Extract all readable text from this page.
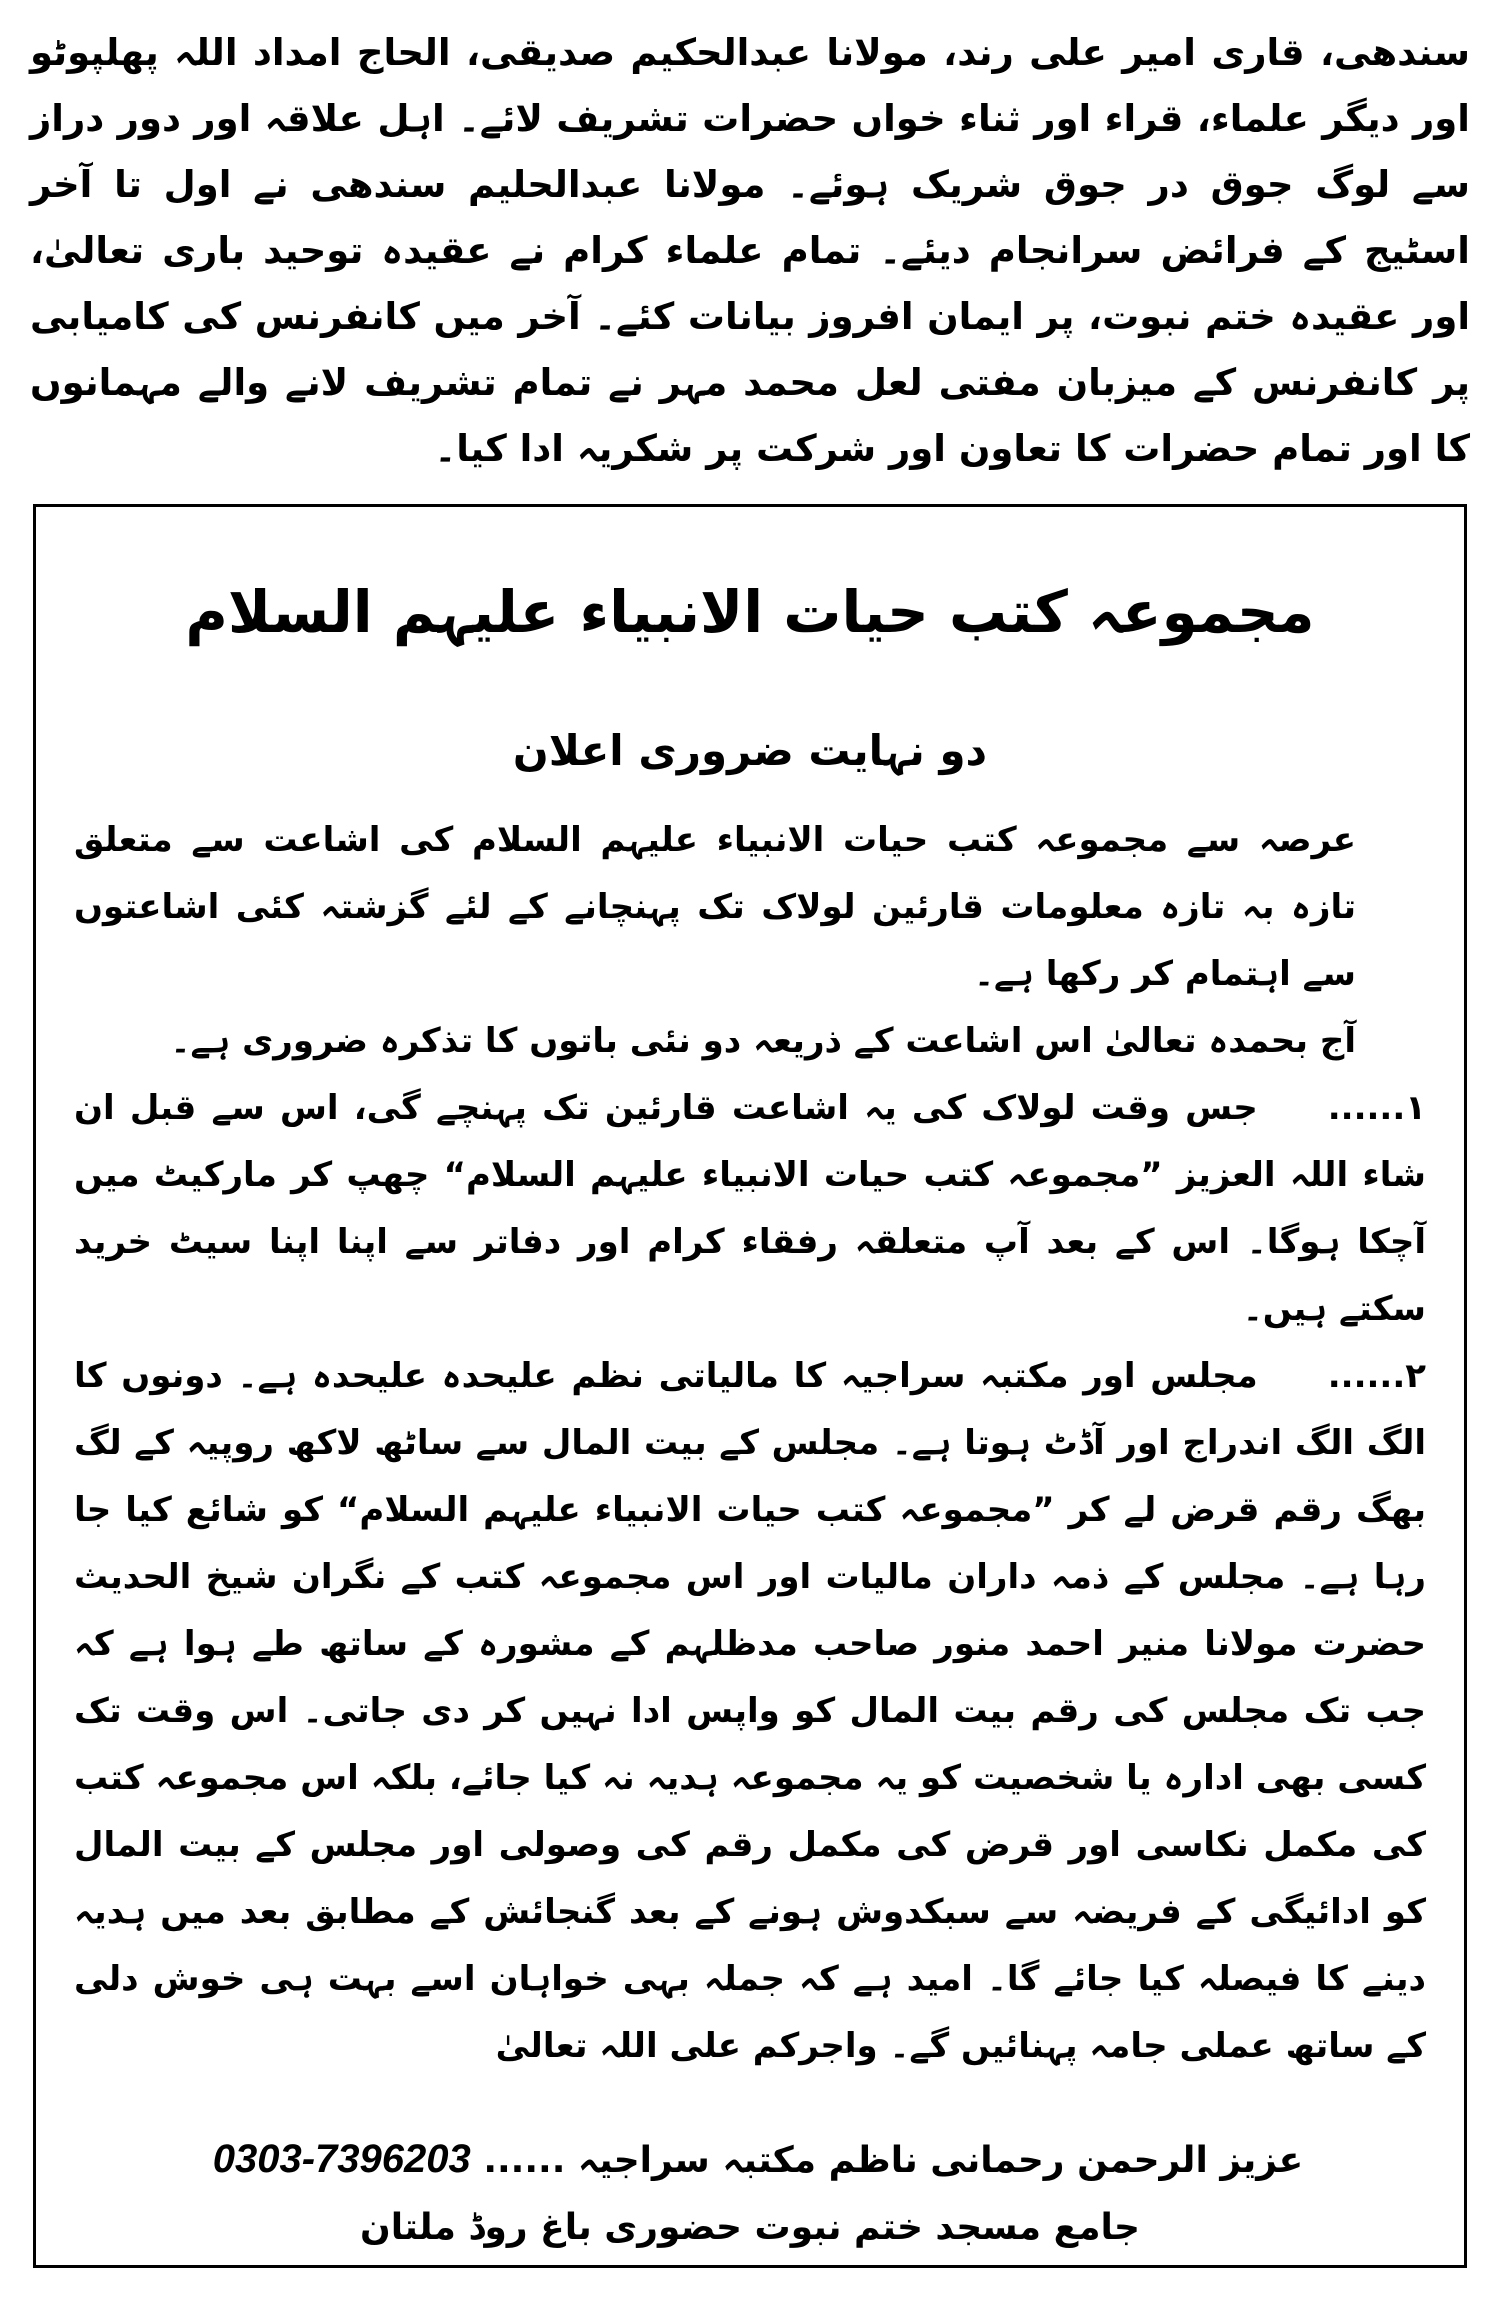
سندھی، قاری امیر علی رند، مولانا عبدالحکیم صدیقی، الحاج امداد اللہ پھلپوٹو اور دیگر علماء، قراء اور ثناء خواں حضرات تشریف لائے۔ اہل علاقہ اور دور دراز سے لوگ جوق در جوق شریک ہوئے۔ مولانا عبدالحلیم سندھی نے اول تا آخر اسٹیج کے فرائض سرانجام دیئے۔ تمام علماء کرام نے عقیدہ توحید باری تعالیٰ، اور عقیدہ ختم نبوت، پر ایمان افروز بیانات کئے۔ آخر میں کانفرنس کی کامیابی پر کانفرنس کے میزبان مفتی لعل محمد مہر نے تمام تشریف لانے والے مہمانوں کا اور تمام حضرات کا تعاون اور شرکت پر شکریہ ادا کیا۔

مجموعہ کتب حیات الانبیاء علیہم السلام
دو نہایت ضروری اعلان

عرصہ سے مجموعہ کتب حیات الانبیاء علیہم السلام کی اشاعت سے متعلق تازہ بہ تازہ معلومات قارئین لولاک تک پہنچانے کے لئے گزشتہ کئی اشاعتوں سے اہتمام کر رکھا ہے۔

آج بحمدہ تعالیٰ اس اشاعت کے ذریعہ دو نئی باتوں کا تذکرہ ضروری ہے۔

۱......جس وقت لولاک کی یہ اشاعت قارئین تک پہنچے گی، اس سے قبل ان شاء اللہ العزیز ”مجموعہ کتب حیات الانبیاء علیہم السلام“ چھپ کر مارکیٹ میں آچکا ہوگا۔ اس کے بعد آپ متعلقہ رفقاء کرام اور دفاتر سے اپنا اپنا سیٹ خرید سکتے ہیں۔

۲......مجلس اور مکتبہ سراجیہ کا مالیاتی نظم علیحدہ علیحدہ ہے۔ دونوں کا الگ الگ اندراج اور آڈٹ ہوتا ہے۔ مجلس کے بیت المال سے ساٹھ لاکھ روپیہ کے لگ بھگ رقم قرض لے کر ”مجموعہ کتب حیات الانبیاء علیہم السلام“ کو شائع کیا جا رہا ہے۔ مجلس کے ذمہ داران مالیات اور اس مجموعہ کتب کے نگران شیخ الحدیث حضرت مولانا منیر احمد منور صاحب مدظلہم کے مشورہ کے ساتھ طے ہوا ہے کہ جب تک مجلس کی رقم بیت المال کو واپس ادا نہیں کر دی جاتی۔ اس وقت تک کسی بھی ادارہ یا شخصیت کو یہ مجموعہ ہدیہ نہ کیا جائے، بلکہ اس مجموعہ کتب کی مکمل نکاسی اور قرض کی مکمل رقم کی وصولی اور مجلس کے بیت المال کو ادائیگی کے فریضہ سے سبکدوش ہونے کے بعد گنجائش کے مطابق بعد میں ہدیہ دینے کا فیصلہ کیا جائے گا۔ امید ہے کہ جملہ بہی خواہان اسے بہت ہی خوش دلی کے ساتھ عملی جامہ پہنائیں گے۔ واجرکم علی اللہ تعالیٰ

عزیز الرحمن رحمانی ناظم مکتبہ سراجیہ ...... 0303-7396203
جامع مسجد ختم نبوت حضوری باغ روڈ ملتان
